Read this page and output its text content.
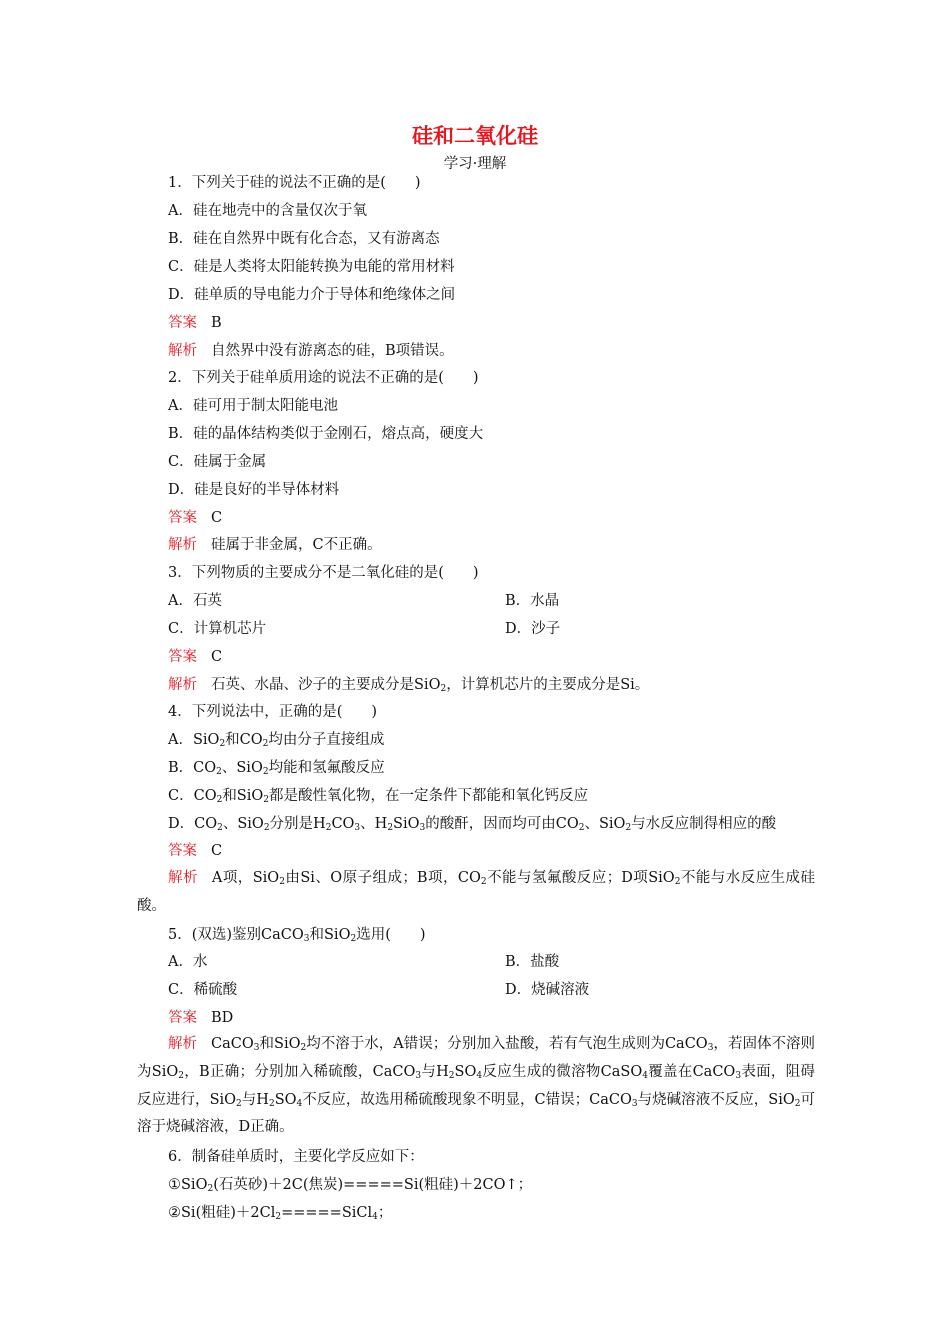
硅和二氧化硅
学习·理解
1．下列关于硅的说法不正确的是(　　)
A．硅在地壳中的含量仅次于氧
B．硅在自然界中既有化合态，又有游离态
C．硅是人类将太阳能转换为电能的常用材料
D．硅单质的导电能力介于导体和绝缘体之间
答案 B
解析 自然界中没有游离态的硅，B项错误。
2．下列关于硅单质用途的说法不正确的是(　　)
A．硅可用于制太阳能电池
B．硅的晶体结构类似于金刚石，熔点高，硬度大
C．硅属于金属
D．硅是良好的半导体材料
答案 C
解析 硅属于非金属，C不正确。
3．下列物质的主要成分不是二氧化硅的是(　　)
A．石英	B．水晶
C．计算机芯片	D．沙子
答案 C
解析 石英、水晶、沙子的主要成分是SiO$_2$，计算机芯片的主要成分是Si。
4．下列说法中，正确的是(　　)
A．SiO$_2$和$CO_2$均由分子直接组成
B．$CO_2$、SiO$_2$均能和氢氟酸反应
C．$CO_2$和SiO$_2$都是酸性氧化物，在一定条件下都能和氧化钙反应
D．$CO_2$、SiO$_2$分别是$H_2CO_3$、$H_2SiO_3$的酸酐，因而均可由$CO_2$、SiO$_2$与水反应制得相应的酸
答案 C
解析 A项，SiO$_2$由Si、O原子组成；B项，$CO_2$不能与氢氟酸反应；D项SiO$_2$不能与水反应生成硅酸。
5．(双选)鉴别CaCO$_3$和SiO$_2$选用(　　)
A．水	B．盐酸
C．稀硫酸	D．烧碱溶液
答案 BD
解析 CaCO$_3$和SiO$_2$均不溶于水，A错误；分别加入盐酸，若有气泡生成则为CaCO$_3$，若固体不溶则为SiO$_2$，B正确；分别加入稀硫酸，CaCO$_3$与$H_2SO_4$反应生成的微溶物CaSO$_4$覆盖在CaCO$_3$表面，阻碍反应进行，SiO$_2$与$H_2SO_4$不反应，故选用稀硫酸现象不明显，C错误；CaCO$_3$与烧碱溶液不反应，SiO$_2$可溶于烧碱溶液，D正确。
6．制备硅单质时，主要化学反应如下：
①SiO$_2$(石英砂)＋2C(焦炭)=====Si(粗硅)＋2CO↑；
②Si(粗硅)$+2Cl_2=====SiCl_4$；
